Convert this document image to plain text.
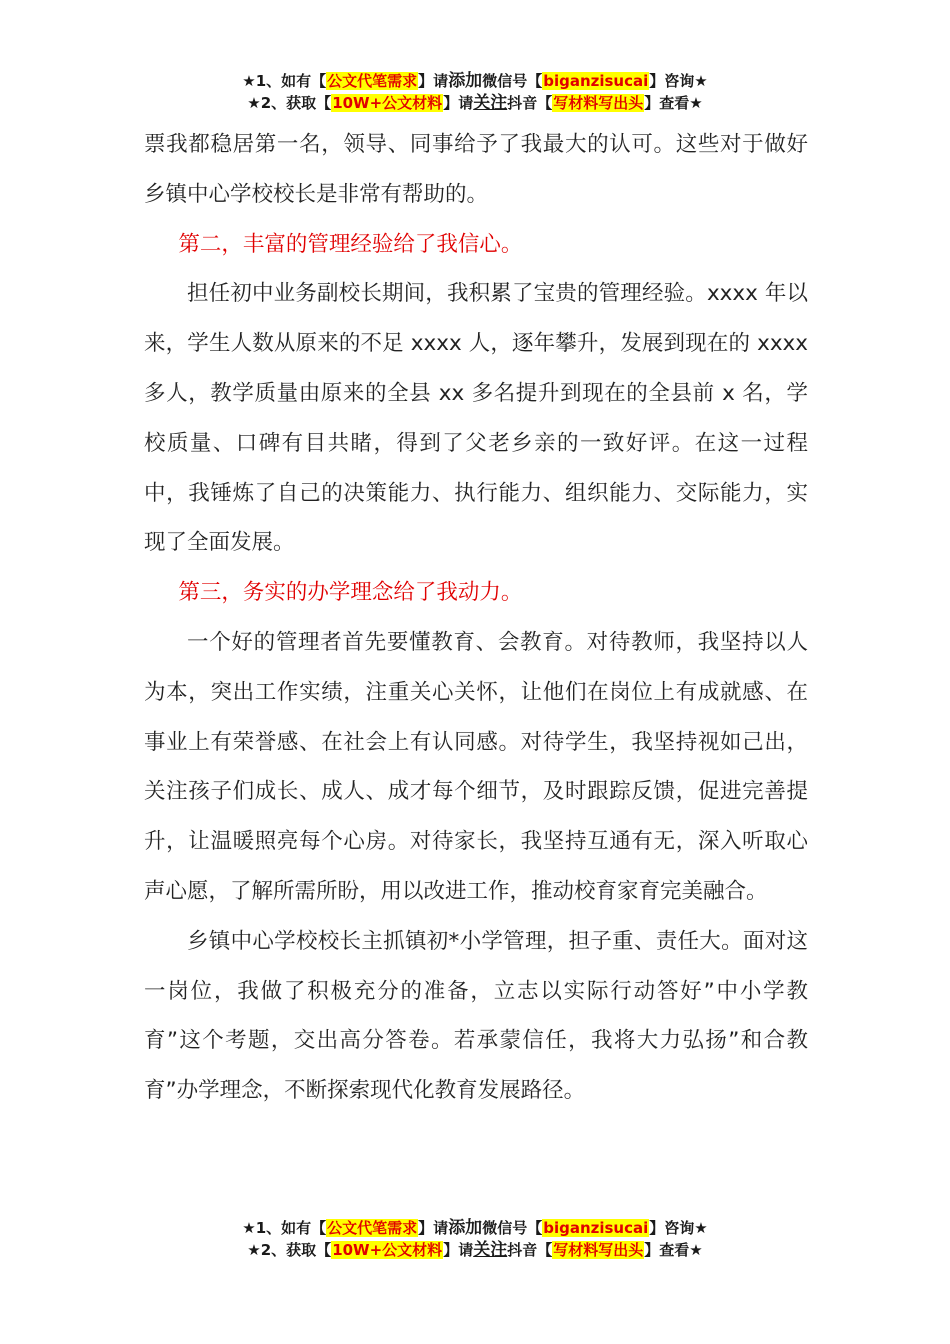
★1、如有【公文代笔需求】请添加微信号【biganzisucai】咨询★
★2、获取【10W+公文材料】请关注抖音【写材料写出头】查看★

票我都稳居第一名，领导、同事给予了我最大的认可。这些对于做好乡镇中心学校校长是非常有帮助的。

第二，丰富的管理经验给了我信心。

担任初中业务副校长期间，我积累了宝贵的管理经验。xxxx 年以来，学生人数从原来的不足 xxxx 人，逐年攀升，发展到现在的 xxxx 多人，教学质量由原来的全县 xx 多名提升到现在的全县前 x 名，学校质量、口碑有目共睹，得到了父老乡亲的一致好评。在这一过程中，我锤炼了自己的决策能力、执行能力、组织能力、交际能力，实现了全面发展。

第三，务实的办学理念给了我动力。

一个好的管理者首先要懂教育、会教育。对待教师，我坚持以人为本，突出工作实绩，注重关心关怀，让他们在岗位上有成就感、在事业上有荣誉感、在社会上有认同感。对待学生，我坚持视如己出，关注孩子们成长、成人、成才每个细节，及时跟踪反馈，促进完善提升，让温暖照亮每个心房。对待家长，我坚持互通有无，深入听取心声心愿，了解所需所盼，用以改进工作，推动校育家育完美融合。

乡镇中心学校校长主抓镇初*小学管理，担子重、责任大。面对这一岗位，我做了积极充分的准备，立志以实际行动答好”中小学教育”这个考题，交出高分答卷。若承蒙信任，我将大力弘扬”和合教育”办学理念，不断探索现代化教育发展路径。

★1、如有【公文代笔需求】请添加微信号【biganzisucai】咨询★
★2、获取【10W+公文材料】请关注抖音【写材料写出头】查看★
